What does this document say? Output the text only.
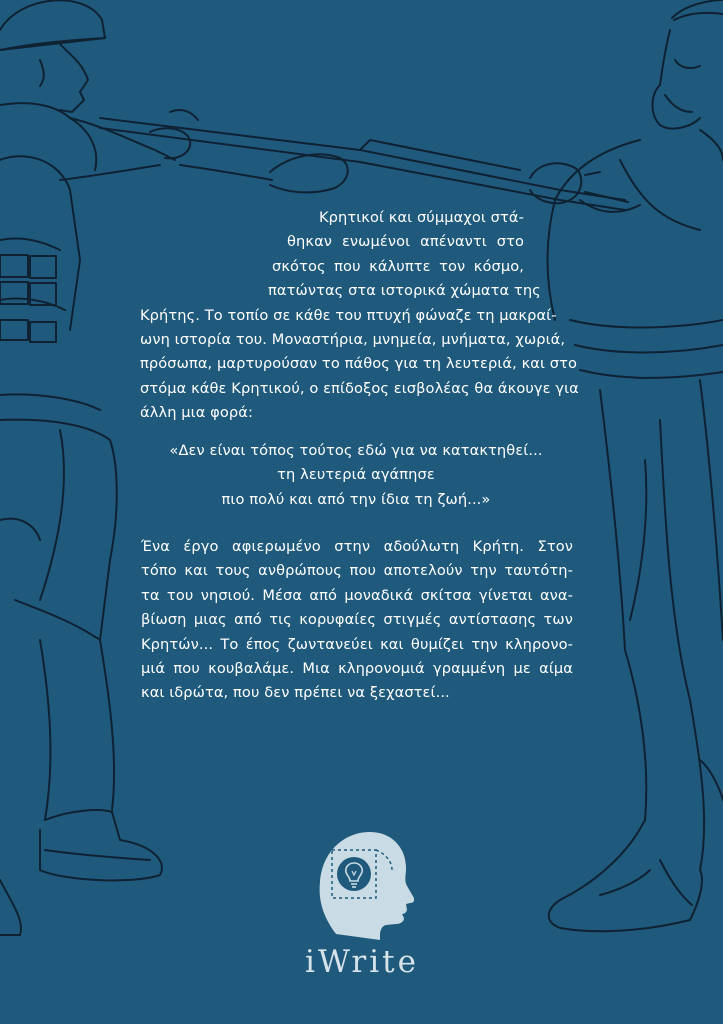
Κρητικοί και σύμμαχοι στά-
θηκαν ενωμένοι απέναντι στο
σκότος που κάλυπτε τον κόσμο,
πατώντας στα ιστορικά χώματα της
Κρήτης. Το τοπίο σε κάθε του πτυχή φώναζε τη μακραί-
ωνη ιστορία του. Μοναστήρια, μνημεία, μνήματα, χωριά,
πρόσωπα, μαρτυρούσαν το πάθος για τη λευτεριά, και στο
στόμα κάθε Κρητικού, ο επίδοξος εισβολέας θα άκουγε για
άλλη μια φορά:
«Δεν είναι τόπος τούτος εδώ για να κατακτηθεί...
τη λευτεριά αγάπησε
πιο πολύ και από την ίδια τη ζωή...»
Ένα έργο αφιερωμένο στην αδούλωτη Κρήτη. Στον
τόπο και τους ανθρώπους που αποτελούν την ταυτότη-
τα του νησιού. Μέσα από μοναδικά σκίτσα γίνεται ανα-
βίωση μιας από τις κορυφαίες στιγμές αντίστασης των
Κρητών... Το έπος ζωντανεύει και θυμίζει την κληρονο-
μιά που κουβαλάμε. Μια κληρονομιά γραμμένη με αίμα
και ιδρώτα, που δεν πρέπει να ξεχαστεί...
iWrite
